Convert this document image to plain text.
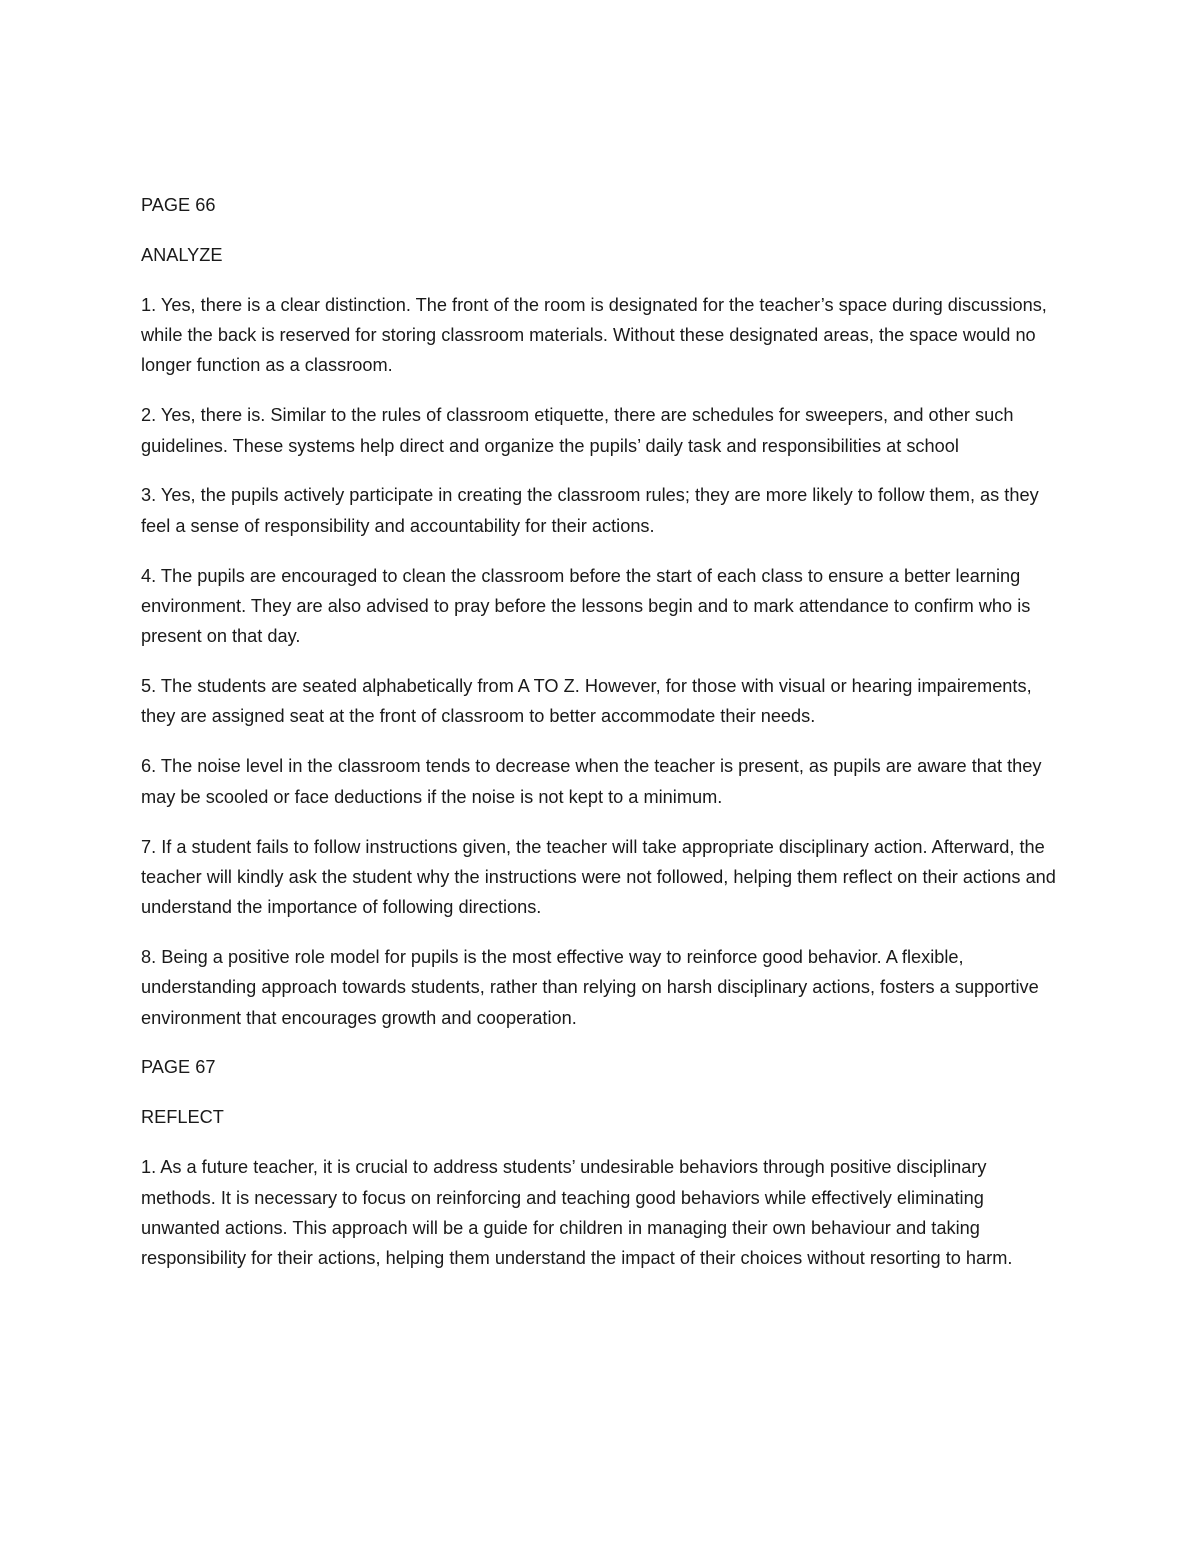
PAGE 66

ANALYZE

1. Yes, there is a clear distinction. The front of the room is designated for the teacher’s space during discussions, while the back is reserved for storing classroom materials. Without these designated areas, the space would no longer function as a classroom.

2. Yes, there is. Similar to the rules of classroom etiquette, there are schedules for sweepers, and other such guidelines. These systems help direct and organize the pupils’ daily task and responsibilities at school

3. Yes, the pupils actively participate in creating the classroom rules; they are more likely to follow them, as they feel a sense of responsibility and accountability for their actions.

4. The pupils are encouraged to clean the classroom before the start of each class to ensure a better learning environment. They are also advised to pray before the lessons begin and to mark attendance to confirm who is present on that day.

5. The students are seated alphabetically from A TO Z. However, for those with visual or hearing impairements, they are assigned seat at the front of classroom to better accommodate their needs.

6. The noise level in the classroom tends to decrease when the teacher is present, as pupils are aware that they may be scooled or face deductions if the noise is not kept to a minimum.

7. If a student fails to follow instructions given, the teacher will take appropriate disciplinary action. Afterward, the teacher will kindly ask the student why the instructions were not followed, helping them reflect on their actions and understand the importance of following directions.

8. Being a positive role model for pupils is the most effective way to reinforce good behavior. A flexible, understanding approach towards students, rather than relying on harsh disciplinary actions, fosters a supportive environment that encourages growth and cooperation.

PAGE 67

REFLECT

1. As a future teacher, it is crucial to address students’ undesirable behaviors through positive disciplinary methods. It is necessary to focus on reinforcing and teaching good behaviors while effectively eliminating unwanted actions. This approach will be a guide for children in managing their own behaviour and taking responsibility for their actions, helping them understand the impact of their choices without resorting to harm.
